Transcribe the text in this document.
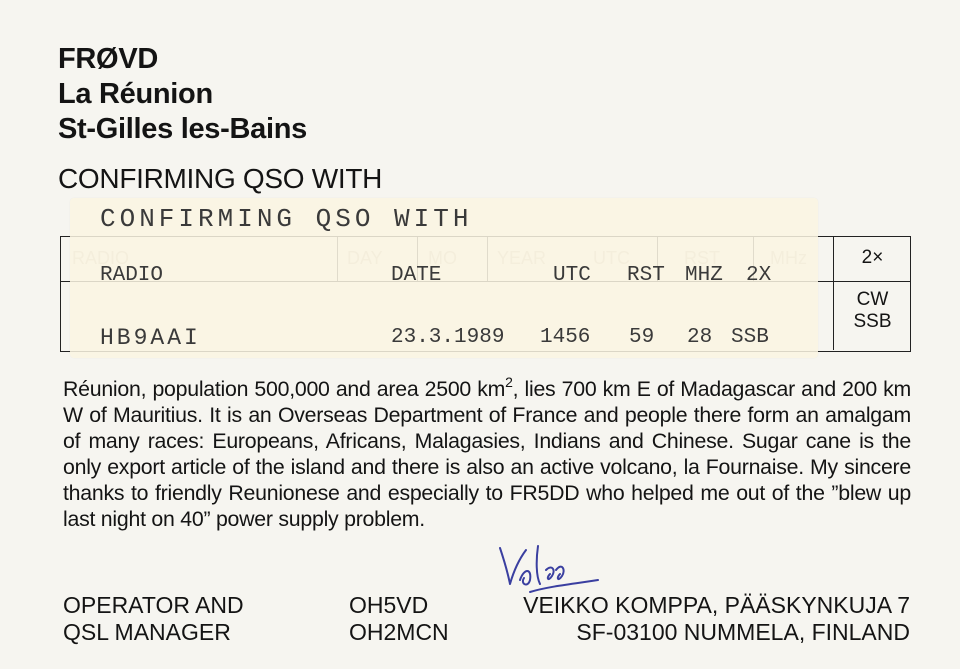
FRØVD
La Réunion
St-Gilles les-Bains
CONFIRMING QSO WITH
2×
CW
SSB
CONFIRMING QSO WITH
RADIO	DATE	UTC RST MHZ 2X
HB9AAI	23.3.1989 1456 59 28 SSB

Réunion, population 500,000 and area 2500 $km^2$, lies 700 km E of Madagascar and 200 km W of Mauritius. It is an Overseas Department of France and people there form an amalgam of many races: Europeans, Africans, Malagasies, Indians and Chinese. Sugar cane is the only export article of the island and there is also an active volcano, la Fournaise. My sincere thanks to friendly Reunionese and especially to FR5DD who helped me out of the ”blew up last night on 40” power supply problem.

OPERATOR AND
QSL MANAGER
OH5VD
OH2MCN
VEIKKO KOMPPA, PÄÄSKYNKUJA 7
SF-03100 NUMMELA, FINLAND
